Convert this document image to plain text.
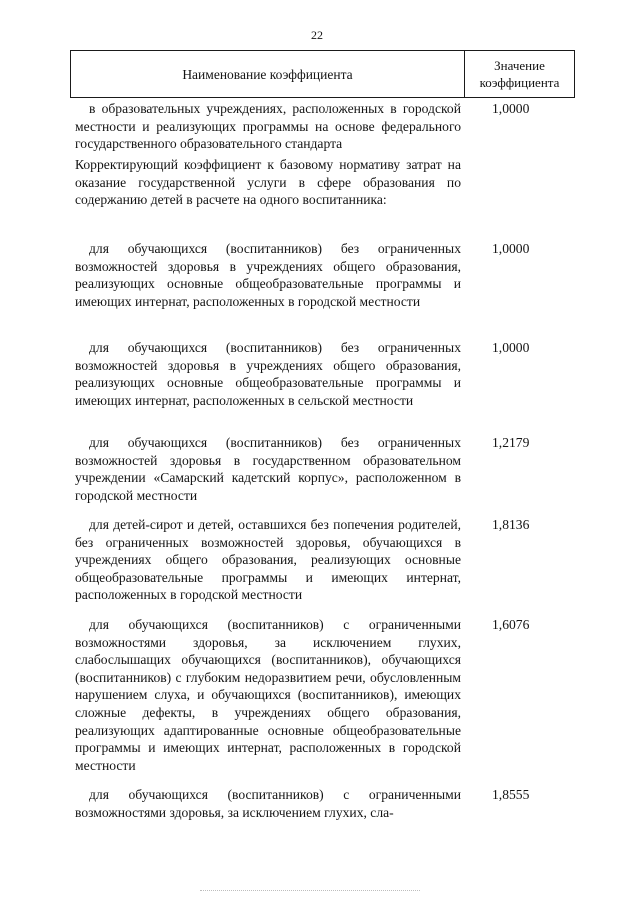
22
Наименование коэффициента
Значение коэффициента
в образовательных учреждениях, расположенных в городской местности и реализующих программы на основе федерального государственного образовательного стандарта
1,0000
Корректирующий коэффициент к базовому нормативу затрат на оказание государственной услуги в сфере образования по содержанию детей в расчете на одного воспитанника:
для обучающихся (воспитанников) без ограниченных возможностей здоровья в учреждениях общего образования, реализующих основные общеобразовательные программы и имеющих интернат, расположенных в городской местности
1,0000
для обучающихся (воспитанников) без ограниченных возможностей здоровья в учреждениях общего образования, реализующих основные общеобразовательные программы и имеющих интернат, расположенных в сельской местности
1,0000
для обучающихся (воспитанников) без ограниченных возможностей здоровья в государственном образовательном учреждении «Самарский кадетский корпус», расположенном в городской местности
1,2179
для детей-сирот и детей, оставшихся без попечения родителей, без ограниченных возможностей здоровья, обучающихся в учреждениях общего образования, реализующих основные общеобразовательные программы и имеющих интернат, расположенных в городской местности
1,8136
для обучающихся (воспитанников) с ограниченными возможностями здоровья, за исключением глухих, слабослышащих обучающихся (воспитанников), обучающихся (воспитанников) с глубоким недоразвитием речи, обусловленным нарушением слуха, и обучающихся (воспитанников), имеющих сложные дефекты, в учреждениях общего образования, реализующих адаптированные основные общеобразовательные программы и имеющих интернат, расположенных в городской местности
1,6076
для обучающихся (воспитанников) с ограниченными возможностями здоровья, за исключением глухих, сла-
1,8555
